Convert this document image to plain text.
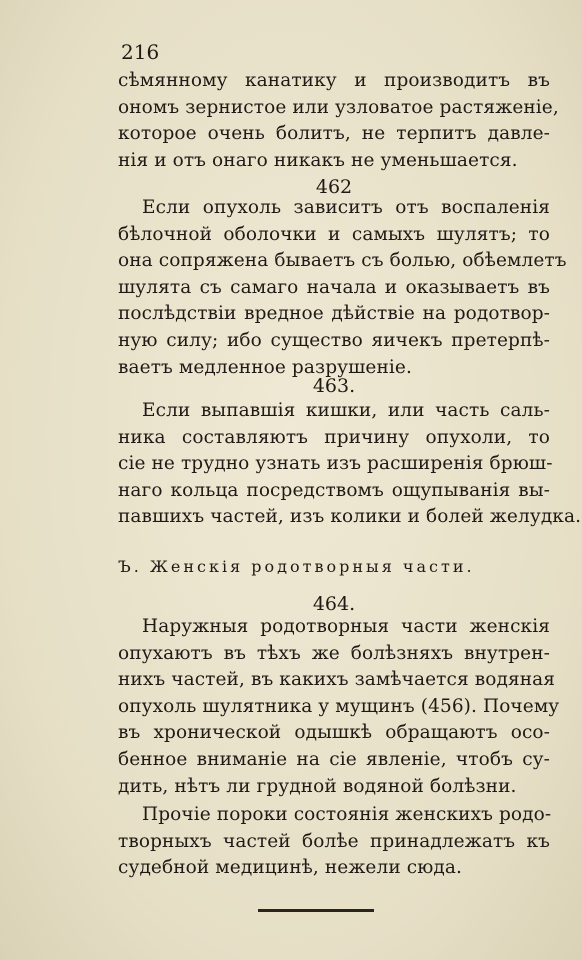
216
сѣмянному канатику и производитъ въ
ономъ зернистое или узловатое растяженіе,
которое очень болитъ, не терпитъ давле-
нія и отъ онаго никакъ не уменьшается.
462
Если опухоль зависитъ отъ воспаленія
бѣлочной оболочки и самыхъ шулятъ; то
она сопряжена бываетъ съ болью, обѣемлетъ
шулята съ самаго начала и оказываетъ въ
послѣдствіи вредное дѣйствіе на родотвор-
ную силу; ибо существо яичекъ претерпѣ-
ваетъ медленное разрушеніе.
463.
Если выпавшія кишки, или часть саль-
ника составляютъ причину опухоли, то
сіе не трудно узнать изъ расширенія брюш-
наго кольца посредствомъ ощупыванія вы-
павшихъ частей, изъ колики и болей желудка.
Ъ. Женскія родотворныя части.
464.
Наружныя родотворныя части женскія
опухаютъ въ тѣхъ же болѣзняхъ внутрен-
нихъ частей, въ какихъ замѣчается водяная
опухоль шулятника у мущинъ (456). Почему
въ хронической одышкѣ обращаютъ осо-
бенное вниманіе на сіе явленіе, чтобъ су-
дить, нѣтъ ли грудной водяной болѣзни.
Прочіе пороки состоянія женскихъ родо-
творныхъ частей болѣе принадлежатъ къ
судебной медицинѣ, нежели сюда.
